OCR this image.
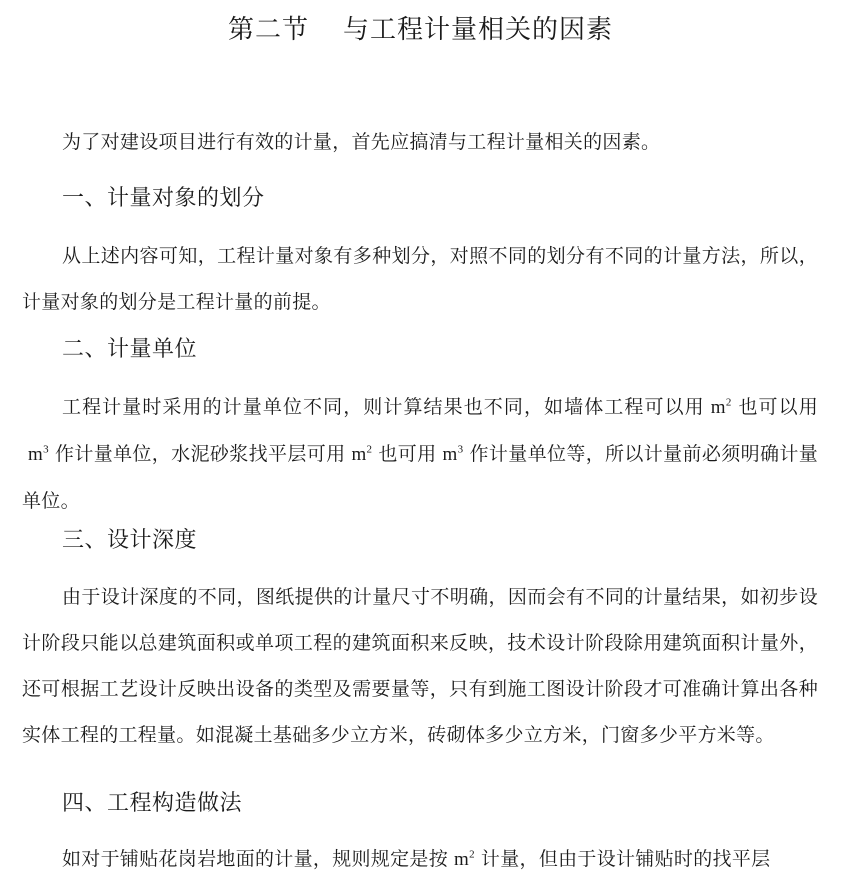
第二节 与工程计量相关的因素

为了对建设项目进行有效的计量，首先应搞清与工程计量相关的因素。

一、计量对象的划分

从上述内容可知，工程计量对象有多种划分，对照不同的划分有不同的计量方法，所以，计量对象的划分是工程计量的前提。

二、计量单位

工程计量时采用的计量单位不同，则计算结果也不同，如墙体工程可以用 $m^2$ 也可以用$m^3$ 作计量单位，水泥砂浆找平层可用 $m^2$ 也可用 $m^3$ 作计量单位等，所以计量前必须明确计量单位。

三、设计深度

由于设计深度的不同，图纸提供的计量尺寸不明确，因而会有不同的计量结果，如初步设计阶段只能以总建筑面积或单项工程的建筑面积来反映，技术设计阶段除用建筑面积计量外，还可根据工艺设计反映出设备的类型及需要量等，只有到施工图设计阶段才可准确计算出各种实体工程的工程量。如混凝土基础多少立方米，砖砌体多少立方米，门窗多少平方米等。

四、工程构造做法

如对于铺贴花岗岩地面的计量，规则规定是按 $m^2$ 计量，但由于设计铺贴时的找平层
